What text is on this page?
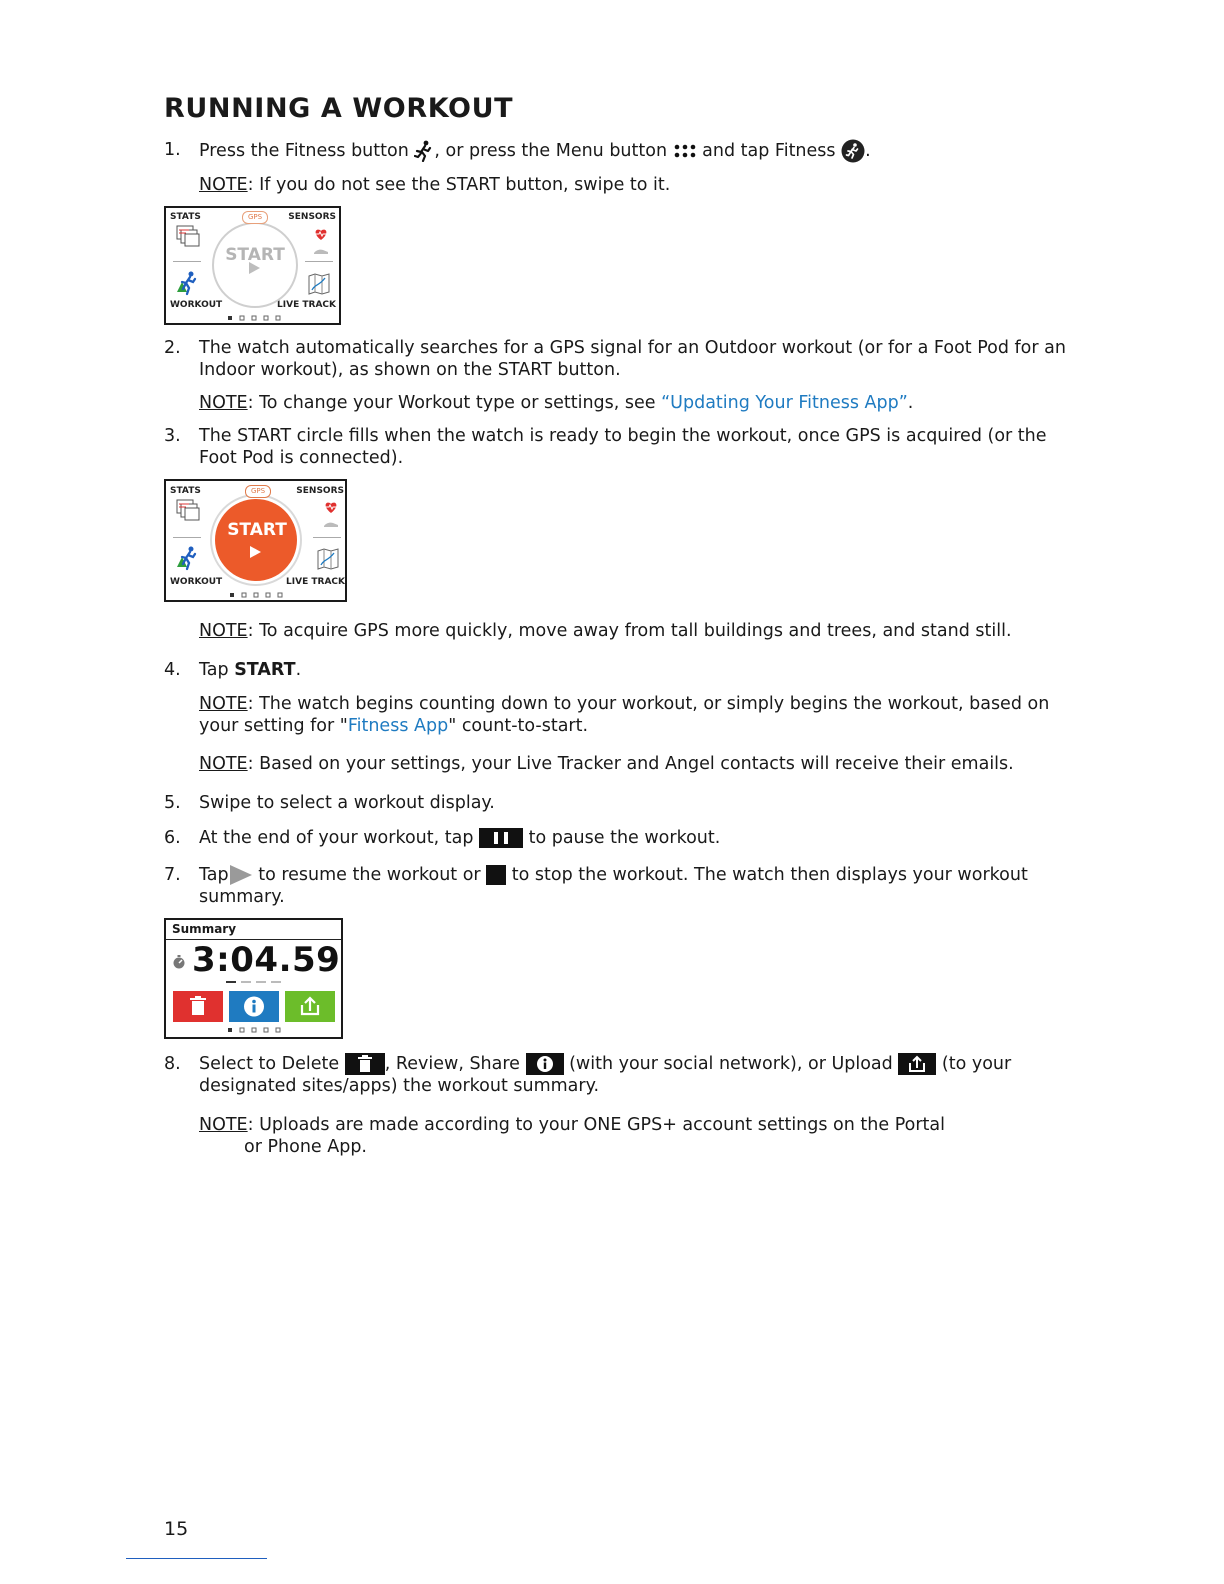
RUNNING A WORKOUT
1. Press the Fitness button , or press the Menu button  and tap Fitness .
NOTE: If you do not see the START button, swipe to it.
STATS	SENSORS
WORKOUT	LIVE TRACK
GPS
START
2. The watch automatically searches for a GPS signal for an Outdoor workout (or for a Foot Pod for an Indoor workout), as shown on the START button.
NOTE: To change your Workout type or settings, see “Updating Your Fitness App”.
3. The START circle fills when the watch is ready to begin the workout, once GPS is acquired (or the Foot Pod is connected).
STATS	SENSORS
WORKOUT	LIVE TRACK
GPS
START
NOTE: To acquire GPS more quickly, move away from tall buildings and trees, and stand still.
4. Tap START.
NOTE: The watch begins counting down to your workout, or simply begins the workout, based on your setting for "Fitness App" count-to-start.
NOTE: Based on your settings, your Live Tracker and Angel contacts will receive their emails.
5. Swipe to select a workout display.
6. At the end of your workout, tap	to pause the workout.
7. Tap to resume the workout or  to stop the workout. The watch then displays your workout summary.
Summary
3:04.59
8. Select to Delete , Review, Share  (with your social network), or Upload  (to your designated sites/apps) the workout summary.
NOTE: Uploads are made according to your ONE GPS+ account settings on the Portal
or Phone App.
15
